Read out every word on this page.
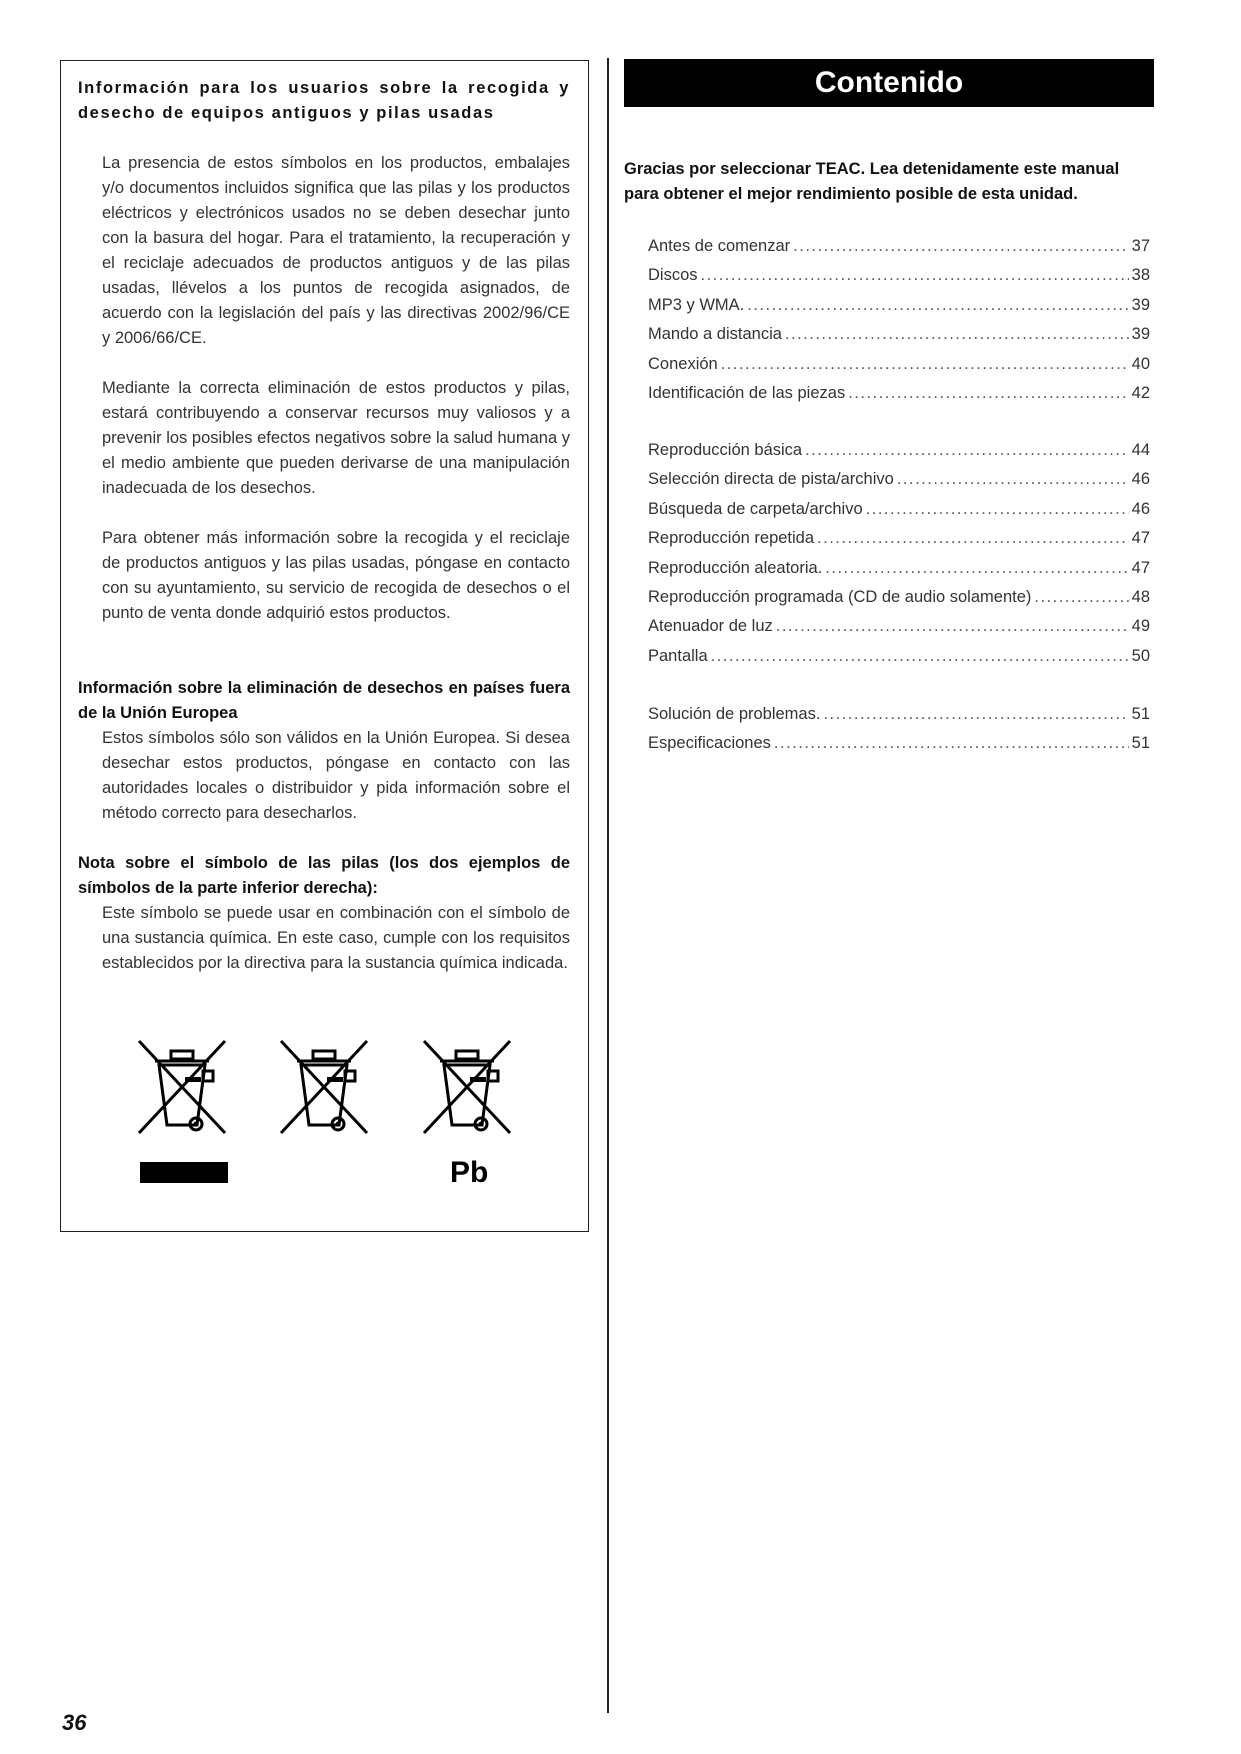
Información para los usuarios sobre la recogida y desecho de equipos antiguos y pilas usadas
La presencia de estos símbolos en los productos, embalajes y/o documentos incluidos significa que las pilas y los productos eléctricos y electrónicos usados no se deben desechar junto con la basura del hogar. Para el tratamiento, la recuperación y el reciclaje adecuados de productos antiguos y de las pilas usadas, llévelos a los puntos de recogida asignados, de acuerdo con la legislación del país y las directivas 2002/96/CE y 2006/66/CE.
Mediante la correcta eliminación de estos productos y pilas, estará contribuyendo a conservar recursos muy valiosos y a prevenir los posibles efectos negativos sobre la salud humana y el medio ambiente que pueden derivarse de una manipulación inadecuada de los desechos.
Para obtener más información sobre la recogida y el reciclaje de productos antiguos y las pilas usadas, póngase en contacto con su ayuntamiento, su servicio de recogida de desechos o el punto de venta donde adquirió estos productos.
Información sobre la eliminación de desechos en países fuera de la Unión Europea
Estos símbolos sólo son válidos en la Unión Europea. Si desea desechar estos productos, póngase en contacto con las autoridades locales o distribuidor y pida información sobre el método correcto para desecharlos.
Nota sobre el símbolo de las pilas (los dos ejemplos de símbolos de la parte inferior derecha):
Este símbolo se puede usar en combinación con el símbolo de una sustancia química. En este caso, cumple con los requisitos establecidos por la directiva para la sustancia química indicada.
Pb
Contenido
Gracias por seleccionar TEAC. Lea detenidamente este manual para obtener el mejor rendimiento posible de esta unidad.
Antes de comenzar .....	37
Discos .....	38
MP3 y WMA. .....	39
Mando a distancia .....	39
Conexión .....	40
Identificación de las piezas .....	42
Reproducción básica .....	44
Selección directa de pista/archivo .....	46
Búsqueda de carpeta/archivo .....	46
Reproducción repetida .....	47
Reproducción aleatoria. .....	47
Reproducción programada (CD de audio solamente) .....	48
Atenuador de luz .....	49
Pantalla .....	50
Solución de problemas. .....	51
Especificaciones .....	51
36
